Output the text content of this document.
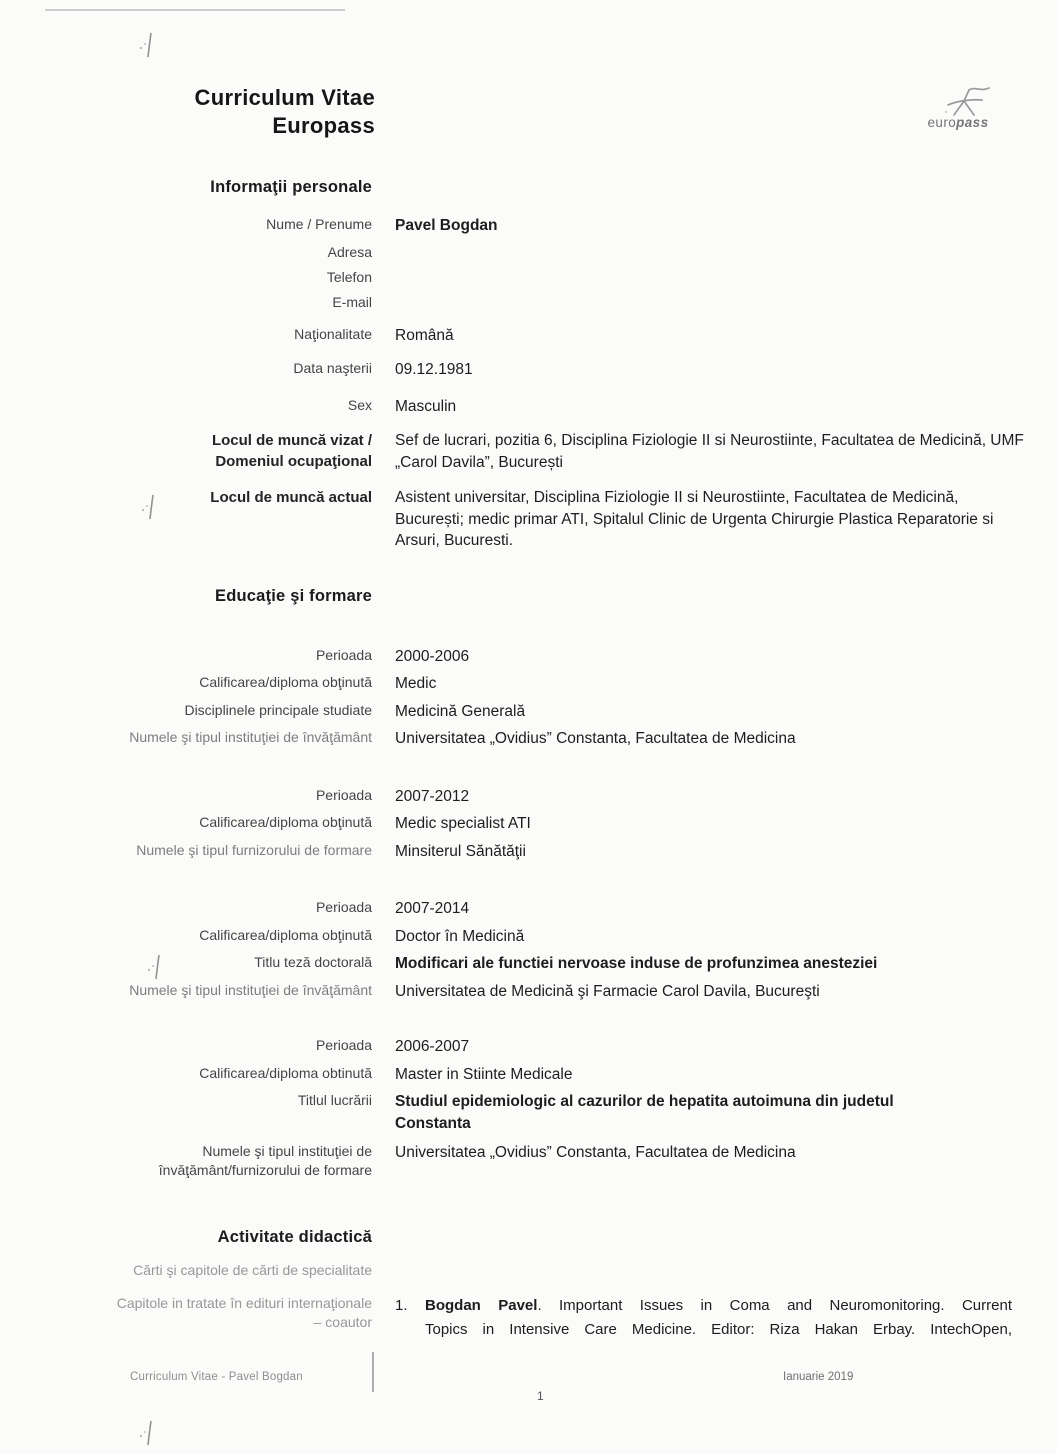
europass
Curriculum Vitae
Europass
Informaţii personale
Nume / Prenume Pavel Bogdan
Adresa
Telefon
E-mail
Naţionalitate Română
Data naşterii 09.12.1981
Sex Masculin
Locul de muncă vizat /
Domeniul ocupaţional
Sef de lucrari, pozitia 6, Disciplina Fiziologie II si Neurostiinte, Facultatea de Medicină, UMF „Carol Davila”, București
Locul de muncă actual Asistent universitar, Disciplina Fiziologie II si Neurostiinte, Facultatea de Medicină, București; medic primar ATI, Spitalul Clinic de Urgenta Chirurgie Plastica Reparatorie si Arsuri, Bucuresti.
Educaţie şi formare
Perioada 2000-2006
Calificarea/diploma obţinută Medic
Disciplinele principale studiate Medicină Generală
Numele şi tipul instituţiei de învăţământ Universitatea „Ovidius” Constanta, Facultatea de Medicina
Perioada 2007-2012
Calificarea/diploma obţinută Medic specialist ATI
Numele şi tipul furnizorului de formare Minsiterul Sănătăţii
Perioada 2007-2014
Calificarea/diploma obţinută Doctor în Medicină
Titlu teză doctorală Modificari ale functiei nervoase induse de profunzimea anesteziei
Numele şi tipul instituţiei de învăţământ Universitatea de Medicină şi Farmacie Carol Davila, Bucureşti
Perioada 2006-2007
Calificarea/diploma obtinută Master in Stiinte Medicale
Titlul lucrării Studiul epidemiologic al cazurilor de hepatita autoimuna din judetul
Constanta
Numele şi tipul instituţiei de
învăţământ/furnizorului de formare
Universitatea „Ovidius” Constanta, Facultatea de Medicina
Activitate didactică
Cărti şi capitole de cărti de specialitate
Capitole in tratate în edituri internaţionale
– coautor
1.	Bogdan Pavel. Important Issues in Coma and Neuromonitoring. Current
Topics in Intensive Care Medicine. Editor: Riza Hakan Erbay. IntechOpen,
Curriculum Vitae - Pavel Bogdan	Ianuarie 2019
1
